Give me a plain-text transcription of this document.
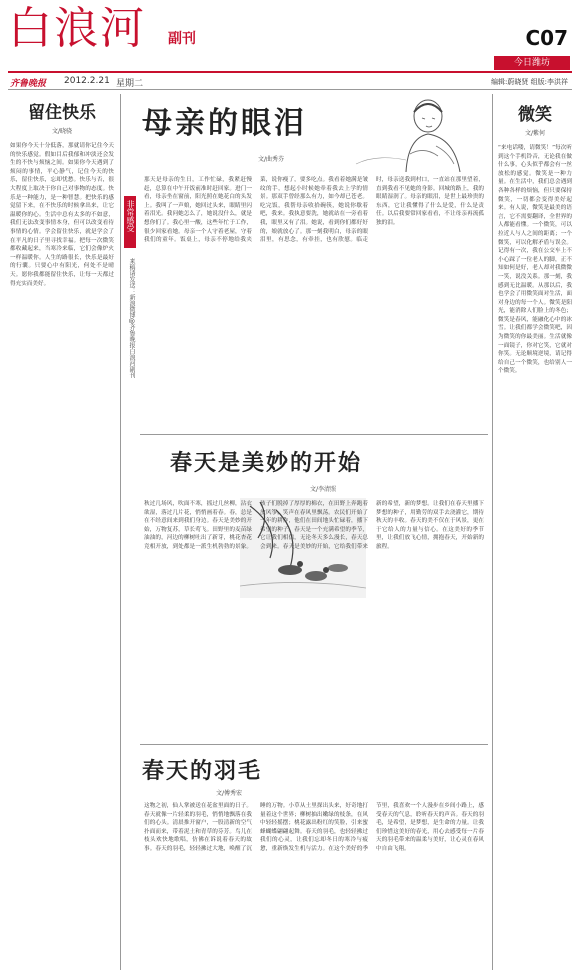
白浪河 副刊	C07
今日潍坊
齐鲁晚报 2012.2.21 星期二	编辑:蔚晓贤 组版:李洪祥
留住快乐
文/晓骁
如果你今天十分低落，那就请你记住今天的快乐感觉。假如目后我郁和冲淡还会发生的不快与烦恼之间。如果你今天遇到了烦闷的事情，平心静气，记住今天的快乐，留住快乐，忘却忧愁。快乐与否，很大程度上取决于你自己对事物的态度。快乐是一种能力，是一种智慧。把快乐的感觉留下来，在不快乐的时候拿出来，让它温暖你的心。生活中总有太多的不如意，我们无法改变事情本身，但可以改变看待事情的心情。学会留住快乐，就是学会了在平凡的日子里寻找幸福。把每一次微笑都收藏起来，当寒冷来临，它们会像炉火一样温暖你。人生的路很长，快乐是最好的行囊。只要心中有阳光，何处不是晴天。愿你我都能留住快乐，让每一天都过得充实而美好。
非常感受
来稿请发送：新浪微博@齐鲁晚报白浪河副刊
母亲的眼泪
文/曲秀芬
那天是母亲的生日，工作忙碌，我紧赶慢赶，总算在中午开饭前准时赶回家。进门一看，母亲坐在窗前，阳光照在她花白的头发上。我叫了一声娘，她回过头来，眼睛里闪着泪光。我问她怎么了，她说没什么，就是想你们了。我心里一酸，这些年忙于工作，很少回家看她。母亲一个人守着老屋，守着我们的童年。饭桌上，母亲不停地给我夹菜，说你瘦了，要多吃点。我看着她满是皱纹的手，想起小时候她牵着我去上学的情景。那双手曾经那么有力，如今却已苍老。吃完饭，我帮母亲收拾碗筷，她说你歇着吧，我来。我执意要洗，她就站在一旁看着我，眼里又有了泪。她说，看到你们都好好的，娘就放心了。那一刻我明白，母亲的眼泪里，有思念，有牵挂，也有欣慰。临走时，母亲送我到村口，一直站在那里望着，直到我看不见她的身影。回城的路上，我的眼睛湿润了。母亲的眼泪，是世上最珍贵的东西，它让我懂得了什么是爱，什么是责任。以后我要常回家看看，不让母亲再流孤独的泪。
微笑
文/紫何
“来电话喽，请微笑！”每次听到这个手机铃音，无论我在做什么事，心头似乎都会有一丝放松的感觉。微笑是一种力量。在生活中，我们总会遇到各种各样的烦恼，但只要保持微笑，一切都会变得美好起来。有人说，微笑是最美的语言，它不需要翻译，全世界的人都能看懂。一个微笑，可以拉近人与人之间的距离；一个微笑，可以化解矛盾与误会。记得有一次，我在公交车上不小心踩了一位老人的脚，正不知如何是好，老人却对我微微一笑，说没关系。那一刻，我感到无比温暖。从那以后，我也学会了用微笑面对生活，面对身边的每一个人。微笑是阳光，能消除人们脸上的冬色；微笑是春风，能融化心中的冰雪。让我们都学会微笑吧，因为微笑的你最美丽。生活就像一面镜子，你对它笑，它就对你笑。无论顺境逆境，请记得给自己一个微笑，也给别人一个微笑。
春天是美妙的开始
文/李清照
秋过几场风，吹面不寒，摇过几丝柳，沾衣欲湿，落过几片花，悄悄画着春。春，总是在不经意间来到我们身边。春天是美妙的开始，万物复苏，草长莺飞。田野里的麦苗绿油油的，河边的柳树吐出了新芽，桃花杏花竞相开放，到处都是一派生机勃勃的景象。孩子们脱掉了厚厚的棉衣，在田野上奔跑着放风筝，笑声在春风里飘荡。农民们开始了一年的耕作，他们在田间地头忙碌着，播下希望的种子。春天是一个充满希望的季节，它让我们相信，无论冬天多么漫长，春天总会到来。春天是美妙的开始，它给我们带来新的希望，新的梦想。让我们在春天里播下梦想的种子，用勤劳的双手去浇灌它，期待秋天的丰收。春天的美不仅在于风景，更在于它给人的力量与信心。在这美好的季节里，让我们放飞心情，拥抱春天，开始新的旅程。
春天的羽毛
文/傅秀宏
这物之初，仙人掌被送在花盆里面的日子。春天就像一片轻柔的羽毛，悄悄地飘落在我们的心头。清晨推开窗户，一股清新的空气扑面而来，带着泥土和青草的芬芳。鸟儿在枝头欢快地歌唱，仿佛在诉说着春天的故事。春天的羽毛，轻轻拂过大地，唤醒了沉睡的万物。小草从土里探出头来，好奇地打量着这个世界；柳树抽出嫩绿的枝条，在风中轻轻摇摆；桃花露出粉红的笑脸，引来蜜蜂蝴蝶翩翩起舞。春天的羽毛，也轻轻拂过我们的心灵，让我们忘却冬日的寒冷与疲惫，重新焕发生机与活力。在这个美好的季节里，我喜欢一个人漫步在乡间小路上，感受春天的气息，聆听春天的声音。春天的羽毛，是希望，是梦想，是生命的力量。让我们珍惜这美好的春光，用心去感受每一片春天的羽毛带来的温柔与美好，让心灵在春风中自由飞翔。
